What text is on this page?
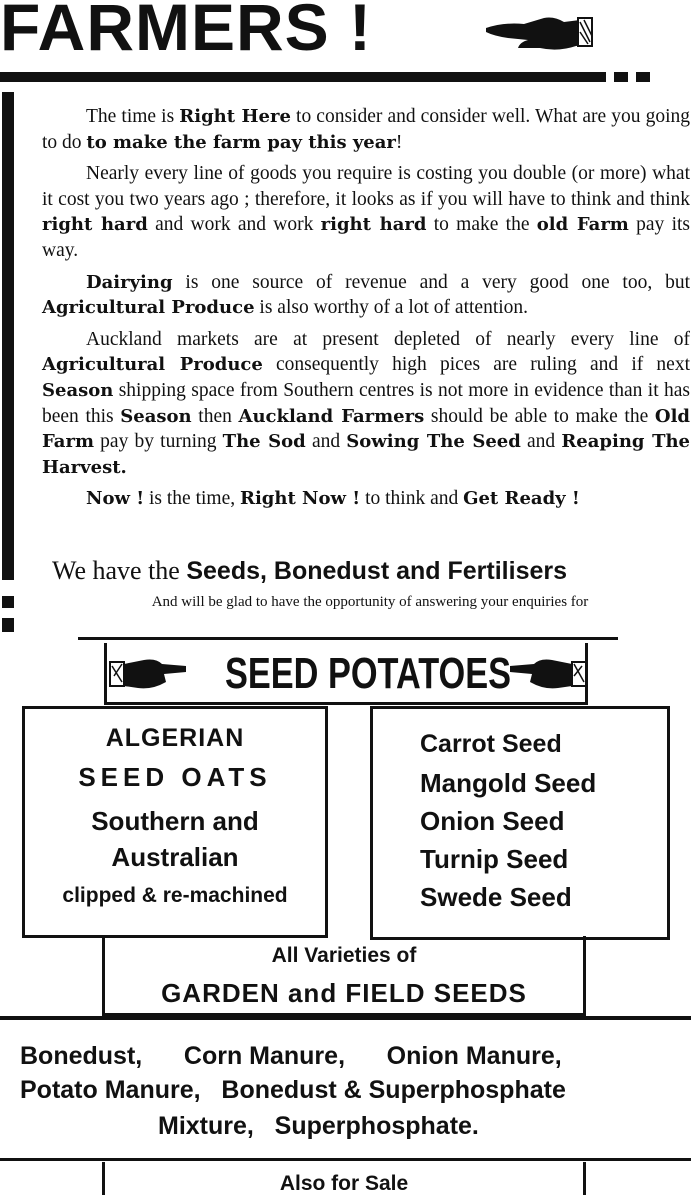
FARMERS !

The time is Right Here to consider and consider well. What are you going to do to make the farm pay this year!

Nearly every line of goods you require is costing you double (or more) what it cost you two years ago ; therefore, it looks as if you will have to think and think right hard and work and work right hard to make the old Farm pay its way.

Dairying is one source of revenue and a very good one too, but Agricultural Produce is also worthy of a lot of attention.

Auckland markets are at present depleted of nearly every line of Agricultural Produce consequently high pices are ruling and if next Season shipping space from Southern centres is not more in evidence than it has been this Season then Auckland Farmers should be able to make the Old Farm pay by turning The Sod and Sowing The Seed and Reaping The Harvest.

Now ! is the time, Right Now ! to think and Get Ready !

We have the Seeds, Bonedust and Fertilisers
And will be glad to have the opportunity of answering your enquiries for
SEED POTATOES
ALGERIAN
SEED OATS
Southern and
Australian
clipped & re-machined
Carrot Seed
Mangold Seed
Onion Seed
Turnip Seed
Swede Seed
All Varieties of
GARDEN and FIELD SEEDS
Bonedust,      Corn Manure,      Onion Manure,
Potato Manure,   Bonedust & Superphosphate
Mixture,   Superphosphate.
Also for Sale
